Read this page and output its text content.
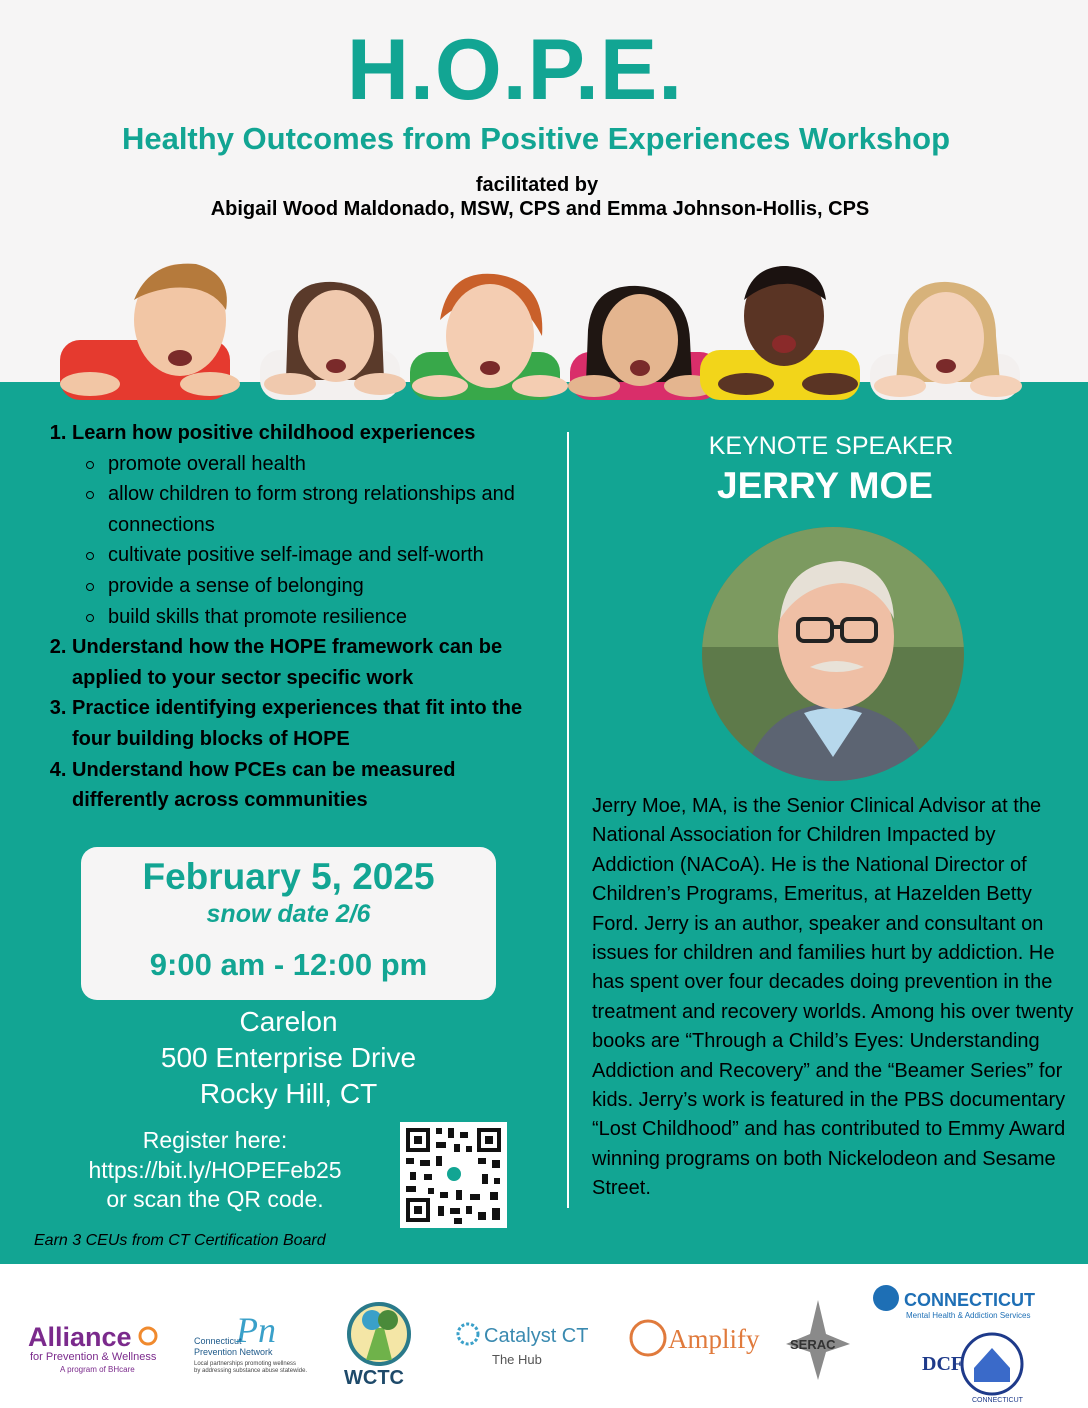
H.O.P.E.
Healthy Outcomes from Positive Experiences Workshop
facilitated by
Abigail Wood Maldonado, MSW, CPS and Emma Johnson-Hollis, CPS
1. Learn how positive childhood experiences
promote overall health
allow children to form strong relationships and connections
cultivate positive self-image and self-worth
provide a sense of belonging
build skills that promote resilience
2. Understand how the HOPE framework can be applied to your sector specific work
3. Practice identifying experiences that fit into the four building blocks of HOPE
4. Understand how PCEs can be measured differently across communities
February 5, 2025
snow date 2/6
9:00 am - 12:00 pm
Carelon
500 Enterprise Drive
Rocky Hill, CT
Register here:
https://bit.ly/HOPEFeb25
or scan the QR code.
Earn 3 CEUs from CT Certification Board
KEYNOTE SPEAKER
JERRY MOE
Jerry Moe, MA, is the Senior Clinical Advisor at the National Association for Children Impacted by Addiction (NACoA). He is the National Director of Children’s Programs, Emeritus, at Hazelden Betty Ford. Jerry is an author, speaker and consultant on issues for children and families hurt by addiction. He has spent over four decades doing prevention in the treatment and recovery worlds. Among his over twenty books are “Through a Child’s Eyes: Understanding Addiction and Recovery” and the “Beamer Series” for kids. Jerry’s work is featured in the PBS documentary “Lost Childhood” and has contributed to Emmy Award winning programs on both Nickelodeon and Sesame Street.
Alliance
for Prevention & Wellness
A program of BHcare
Pn
Connecticut
Prevention Network
Local partnerships promoting wellness
by addressing substance abuse statewide. WCTC
Catalyst CT
The Hub
Amplify SERAC
CONNECTICUT
Mental Health & Addiction Services
DCF
CONNECTICUT
